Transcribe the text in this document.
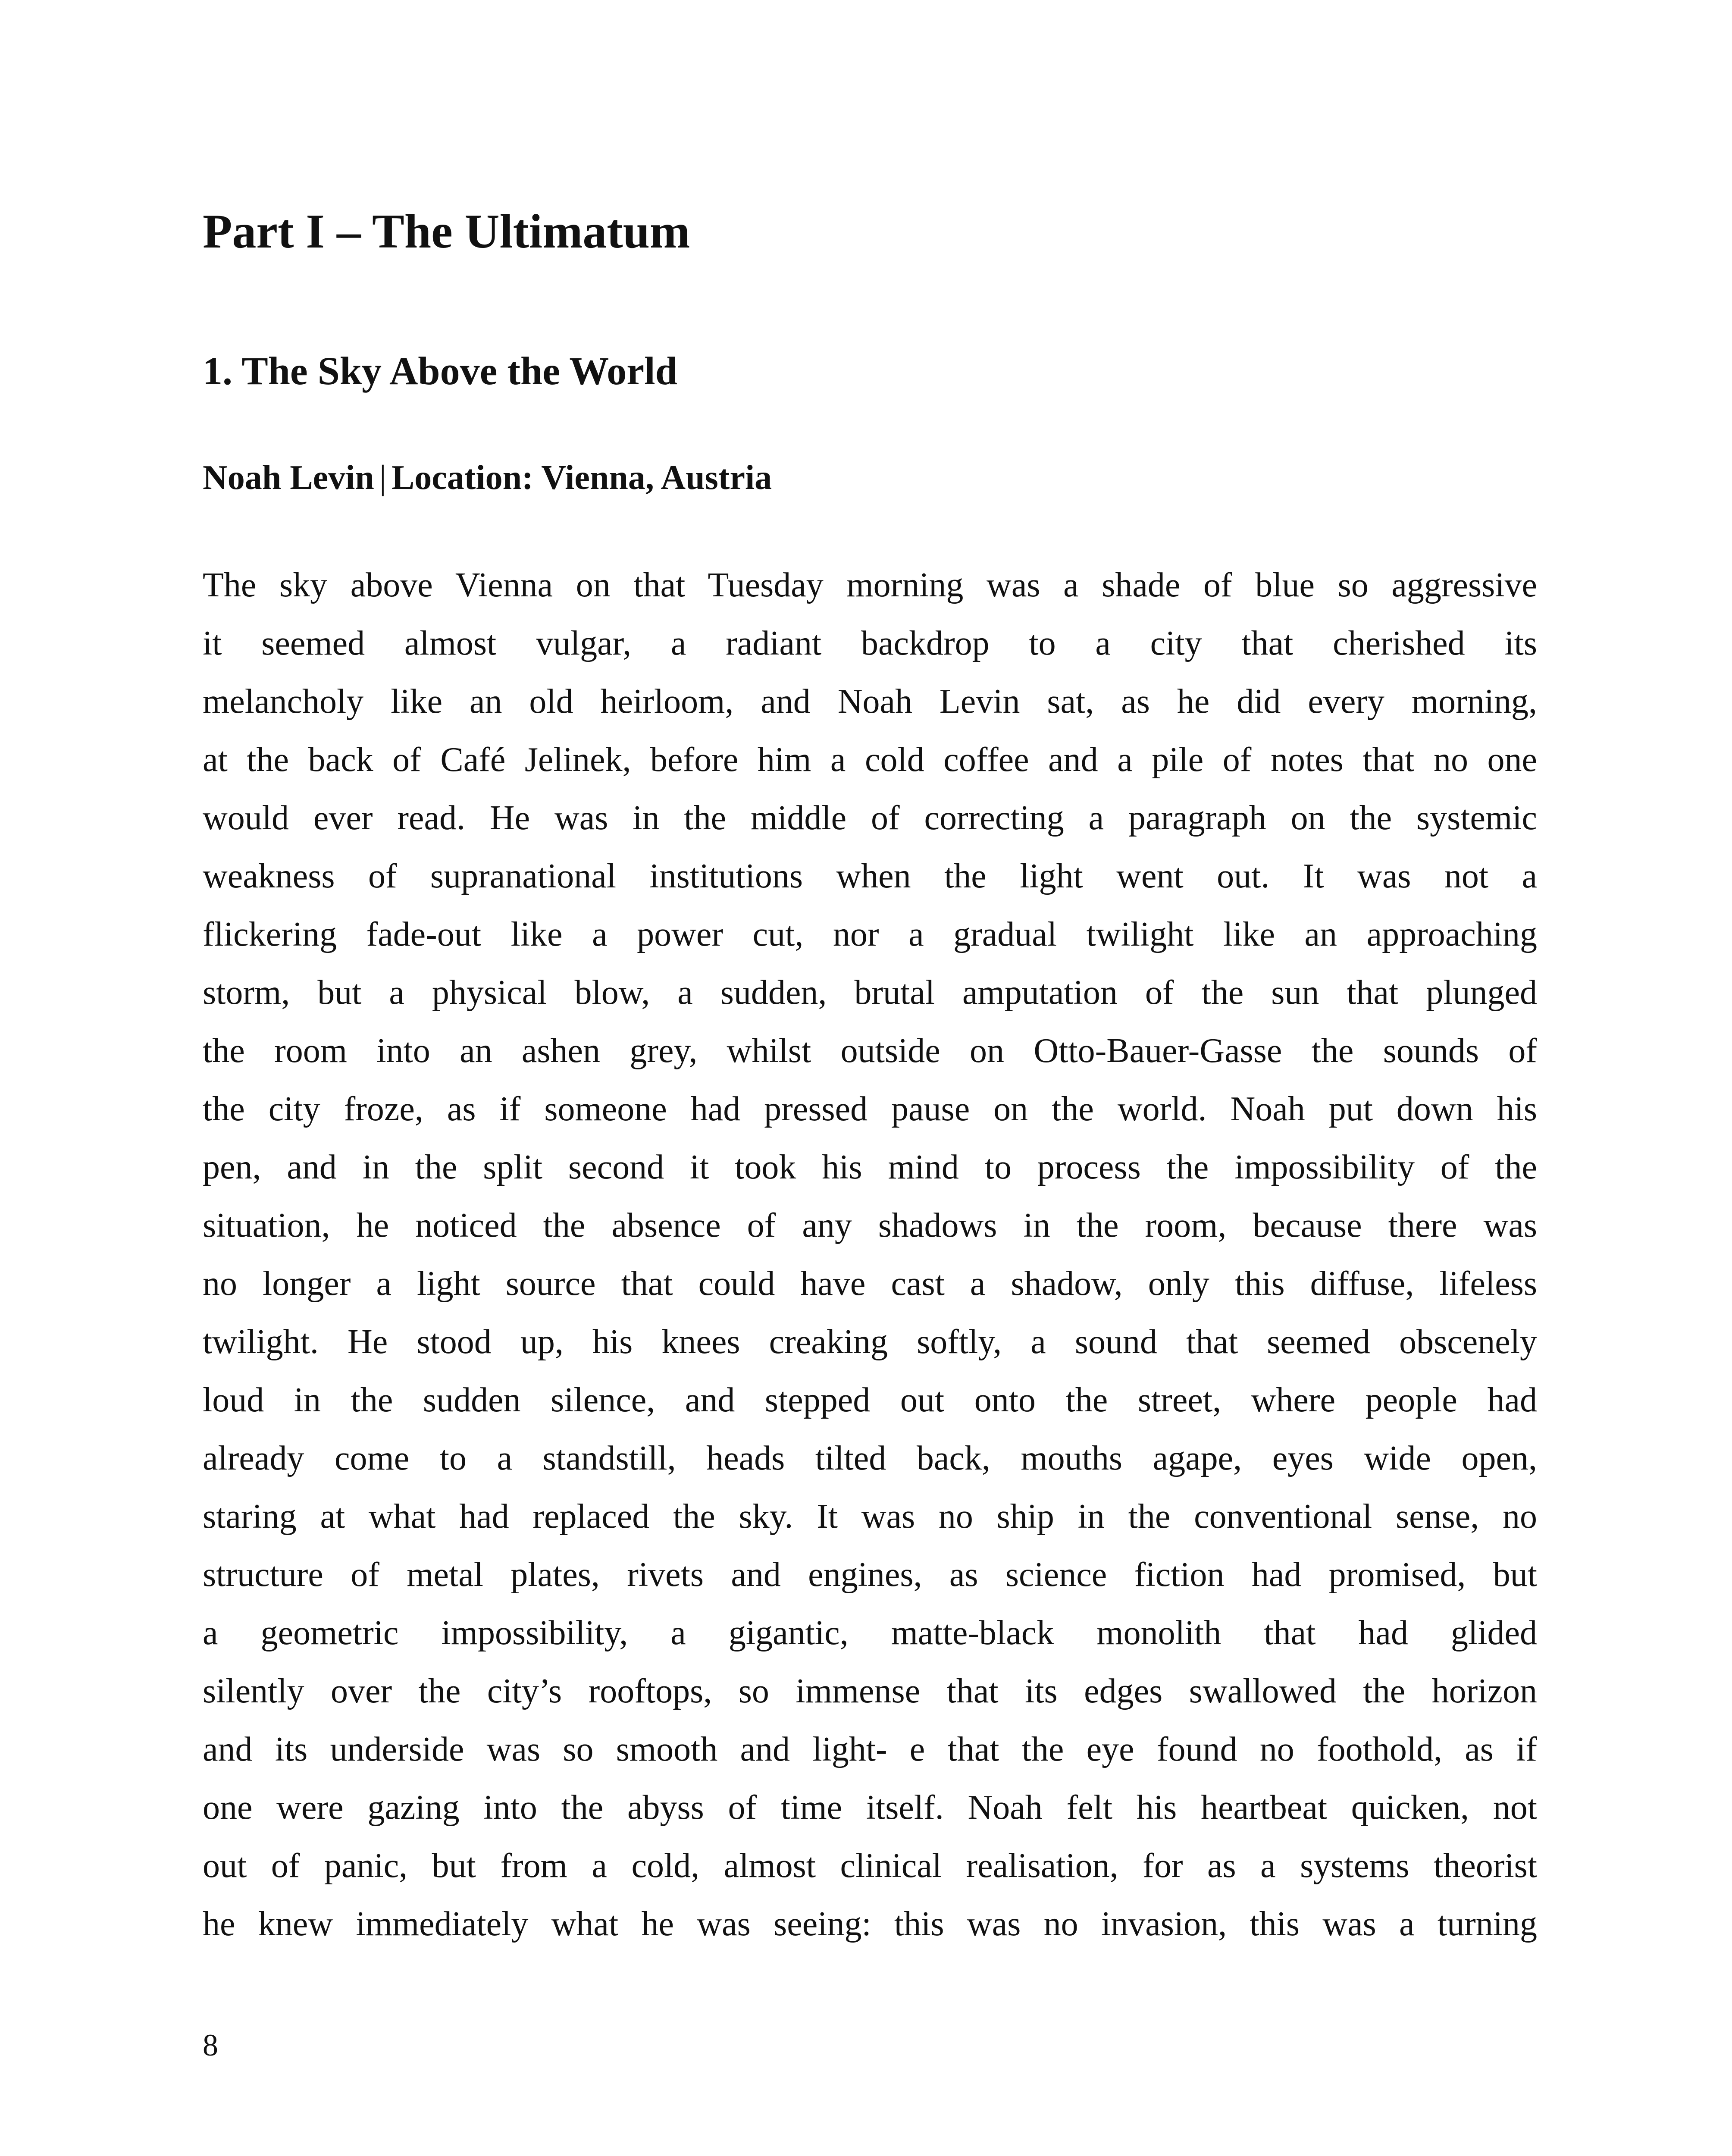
Part I – The Ultimatum
1. The Sky Above the World

Noah Levin | Location: Vienna, Austria

The sky above Vienna on that Tuesday morning was a shade of blue so aggressive
it seemed almost vulgar, a radiant backdrop to a city that cherished its
melancholy like an old heirloom, and Noah Levin sat, as he did every morning,
at the back of Café Jelinek, before him a cold coffee and a pile of notes that no one
would ever read. He was in the middle of correcting a paragraph on the systemic
weakness of supranational institutions when the light went out. It was not a
flickering fade-out like a power cut, nor a gradual twilight like an approaching
storm, but a physical blow, a sudden, brutal amputation of the sun that plunged
the room into an ashen grey, whilst outside on Otto-Bauer-Gasse the sounds of
the city froze, as if someone had pressed pause on the world. Noah put down his
pen, and in the split second it took his mind to process the impossibility of the
situation, he noticed the absence of any shadows in the room, because there was
no longer a light source that could have cast a shadow, only this diffuse, lifeless
twilight. He stood up, his knees creaking softly, a sound that seemed obscenely
loud in the sudden silence, and stepped out onto the street, where people had
already come to a standstill, heads tilted back, mouths agape, eyes wide open,
staring at what had replaced the sky. It was no ship in the conventional sense, no
structure of metal plates, rivets and engines, as science fiction had promised, but
a geometric impossibility, a gigantic, matte-black monolith that had glided
silently over the city’s rooftops, so immense that its edges swallowed the horizon
and its underside was so smooth and light- e that the eye found no foothold, as if
one were gazing into the abyss of time itself. Noah felt his heartbeat quicken, not
out of panic, but from a cold, almost clinical realisation, for as a systems theorist
he knew immediately what he was seeing: this was no invasion, this was a turning

8
